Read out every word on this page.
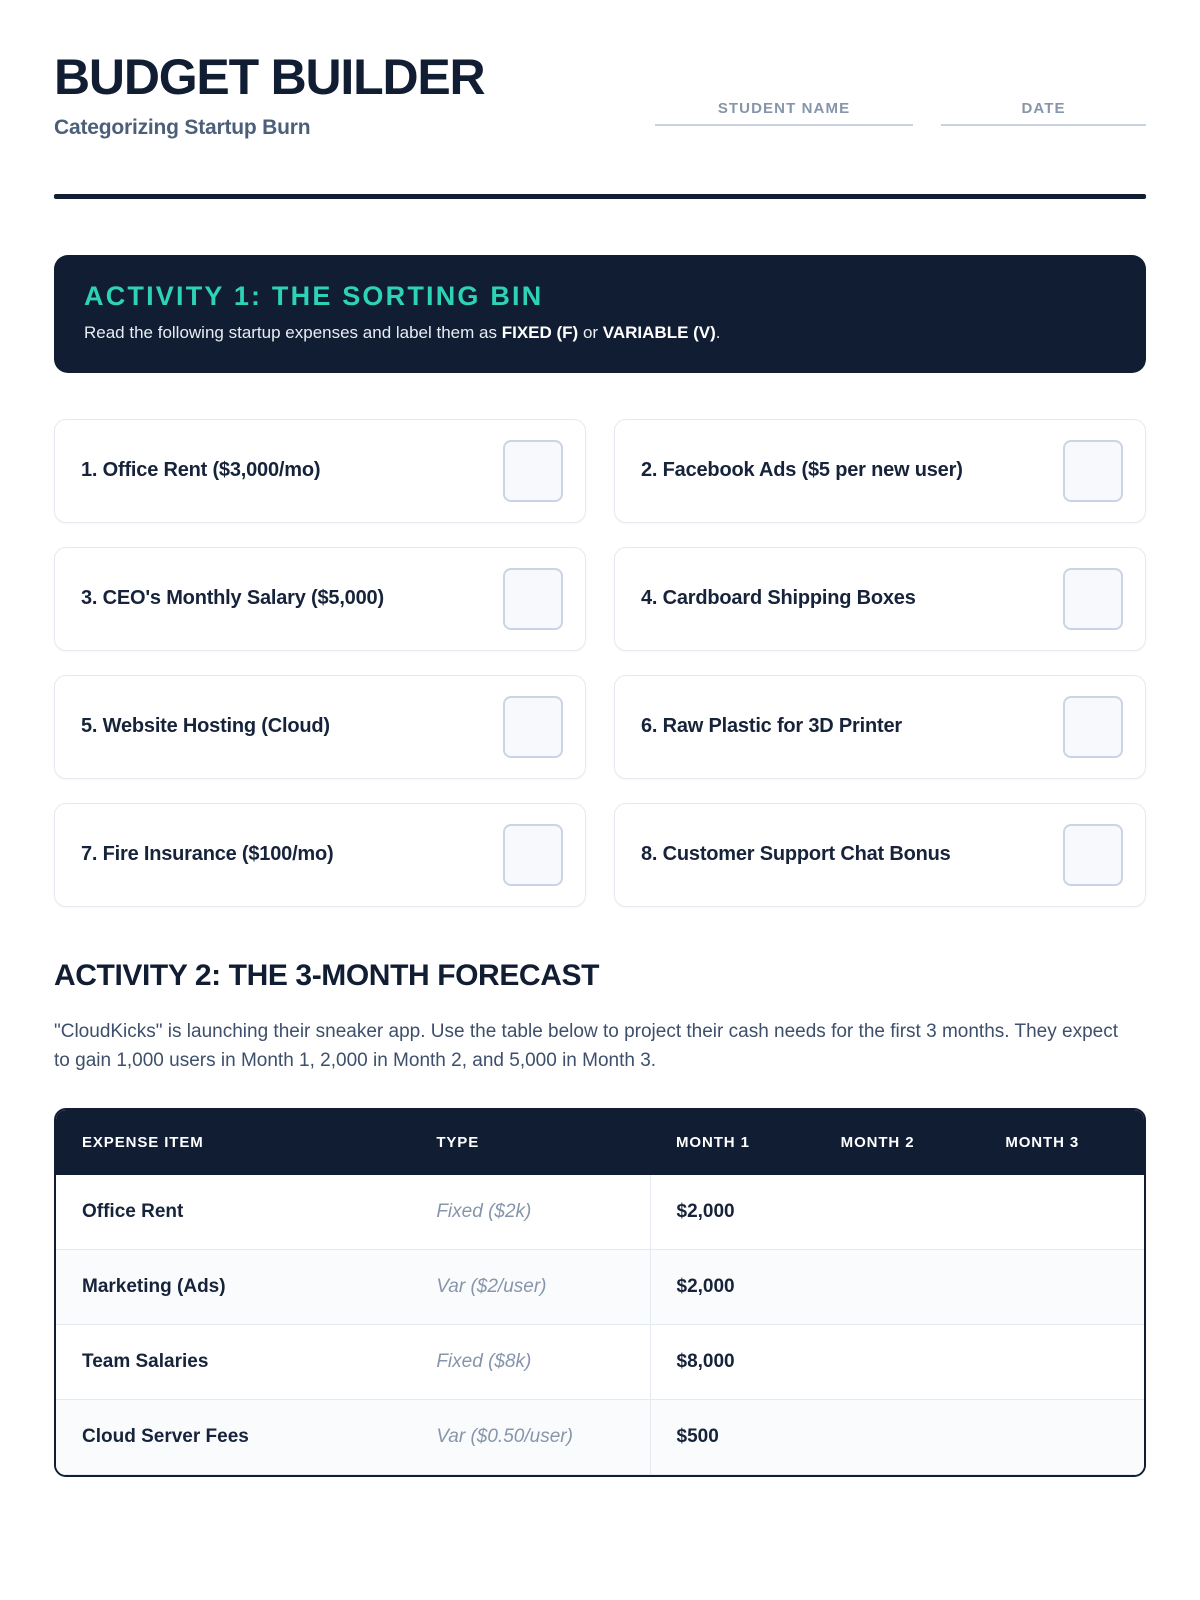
BUDGET BUILDER
Categorizing Startup Burn
STUDENT NAME	DATE
ACTIVITY 1: THE SORTING BIN
Read the following startup expenses and label them as FIXED (F) or VARIABLE (V).
1. Office Rent ($3,000/mo)	2. Facebook Ads ($5 per new user)
3. CEO's Monthly Salary ($5,000)	4. Cardboard Shipping Boxes
5. Website Hosting (Cloud)	6. Raw Plastic for 3D Printer
7. Fire Insurance ($100/mo)	8. Customer Support Chat Bonus
ACTIVITY 2: THE 3-MONTH FORECAST
"CloudKicks" is launching their sneaker app. Use the table below to project their cash needs for the first 3 months. They expect to gain 1,000 users in Month 1, 2,000 in Month 2, and 5,000 in Month 3.
EXPENSE ITEM	TYPE	MONTH 1	MONTH 2	MONTH 3
Office Rent	Fixed ($2k)	$2,000		
Marketing (Ads)	Var ($2/user)	$2,000		
Team Salaries	Fixed ($8k)	$8,000		
Cloud Server Fees	Var ($0.50/user)	$500		
